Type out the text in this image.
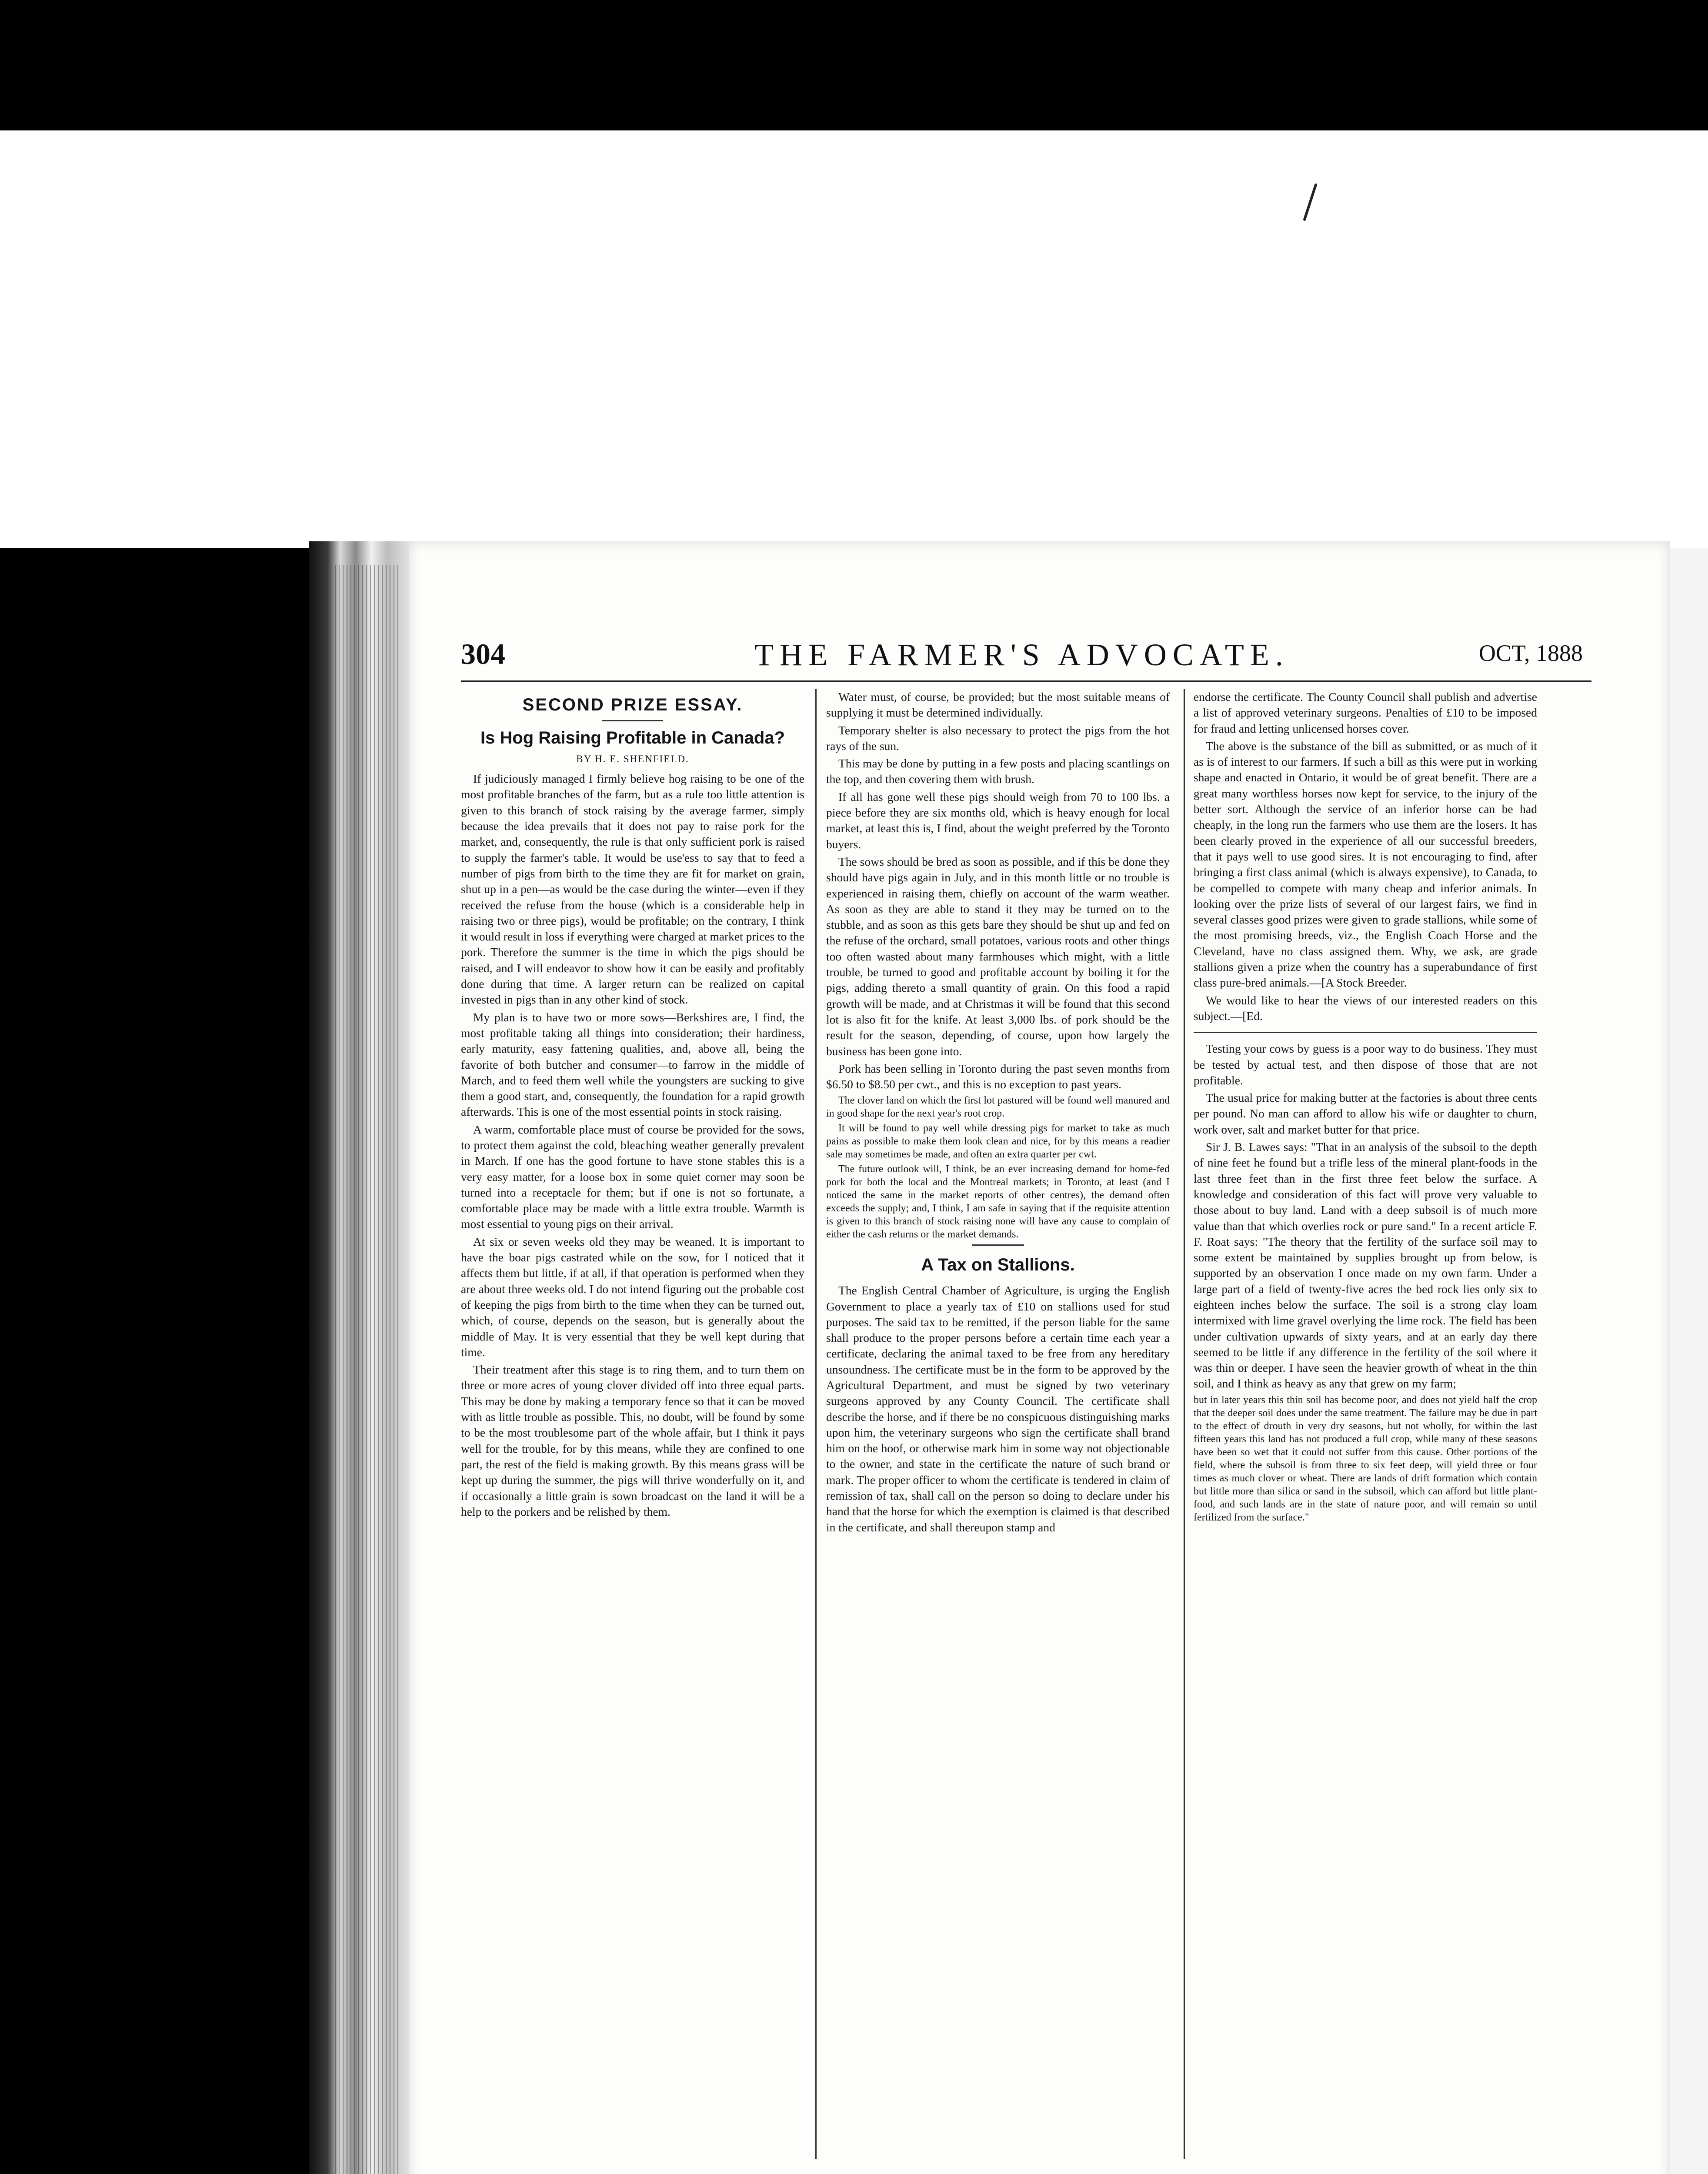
304	THE FARMER'S ADVOCATE.	OCT, 1888
SECOND PRIZE ESSAY.
Is Hog Raising Profitable in Canada?
BY H. E. SHENFIELD.

If judiciously managed I firmly believe hog raising to be one of the most profitable branches of the farm, but as a rule too little attention is given to this branch of stock raising by the average farmer, simply because the idea prevails that it does not pay to raise pork for the market, and, consequently, the rule is that only sufficient pork is raised to supply the farmer's table. It would be use'ess to say that to feed a number of pigs from birth to the time they are fit for market on grain, shut up in a pen—as would be the case during the winter—even if they received the refuse from the house (which is a considerable help in raising two or three pigs), would be profitable; on the contrary, I think it would result in loss if everything were charged at market prices to the pork. Therefore the summer is the time in which the pigs should be raised, and I will endeavor to show how it can be easily and profitably done during that time. A larger return can be realized on capital invested in pigs than in any other kind of stock.

My plan is to have two or more sows—Berkshires are, I find, the most profitable taking all things into consideration; their hardiness, early maturity, easy fattening qualities, and, above all, being the favorite of both butcher and consumer—to farrow in the middle of March, and to feed them well while the youngsters are sucking to give them a good start, and, consequently, the foundation for a rapid growth afterwards. This is one of the most essential points in stock raising.

A warm, comfortable place must of course be provided for the sows, to protect them against the cold, bleaching weather generally prevalent in March. If one has the good fortune to have stone stables this is a very easy matter, for a loose box in some quiet corner may soon be turned into a receptacle for them; but if one is not so fortunate, a comfortable place may be made with a little extra trouble. Warmth is most essential to young pigs on their arrival.

At six or seven weeks old they may be weaned. It is important to have the boar pigs castrated while on the sow, for I noticed that it affects them but little, if at all, if that operation is performed when they are about three weeks old. I do not intend figuring out the probable cost of keeping the pigs from birth to the time when they can be turned out, which, of course, depends on the season, but is generally about the middle of May. It is very essential that they be well kept during that time.

Their treatment after this stage is to ring them, and to turn them on three or more acres of young clover divided off into three equal parts. This may be done by making a temporary fence so that it can be moved with as little trouble as possible. This, no doubt, will be found by some to be the most troublesome part of the whole affair, but I think it pays well for the trouble, for by this means, while they are confined to one part, the rest of the field is making growth. By this means grass will be kept up during the summer, the pigs will thrive wonderfully on it, and if occasionally a little grain is sown broadcast on the land it will be a help to the porkers and be relished by them.

Water must, of course, be provided; but the most suitable means of supplying it must be determined individually.

Temporary shelter is also necessary to protect the pigs from the hot rays of the sun.

This may be done by putting in a few posts and placing scantlings on the top, and then covering them with brush.

If all has gone well these pigs should weigh from 70 to 100 lbs. a piece before they are six months old, which is heavy enough for local market, at least this is, I find, about the weight preferred by the Toronto buyers.

The sows should be bred as soon as possible, and if this be done they should have pigs again in July, and in this month little or no trouble is experienced in raising them, chiefly on account of the warm weather. As soon as they are able to stand it they may be turned on to the stubble, and as soon as this gets bare they should be shut up and fed on the refuse of the orchard, small potatoes, various roots and other things too often wasted about many farmhouses which might, with a little trouble, be turned to good and profitable account by boiling it for the pigs, adding thereto a small quantity of grain. On this food a rapid growth will be made, and at Christmas it will be found that this second lot is also fit for the knife. At least 3,000 lbs. of pork should be the result for the season, depending, of course, upon how largely the business has been gone into.

Pork has been selling in Toronto during the past seven months from $6.50 to $8.50 per cwt., and this is no exception to past years.

The clover land on which the first lot pastured will be found well manured and in good shape for the next year's root crop.

It will be found to pay well while dressing pigs for market to take as much pains as possible to make them look clean and nice, for by this means a readier sale may sometimes be made, and often an extra quarter per cwt.

The future outlook will, I think, be an ever increasing demand for home-fed pork for both the local and the Montreal markets; in Toronto, at least (and I noticed the same in the market reports of other centres), the demand often exceeds the supply; and, I think, I am safe in saying that if the requisite attention is given to this branch of stock raising none will have any cause to complain of either the cash returns or the market demands.

A Tax on Stallions.

The English Central Chamber of Agriculture, is urging the English Government to place a yearly tax of £10 on stallions used for stud purposes. The said tax to be remitted, if the person liable for the same shall produce to the proper persons before a certain time each year a certificate, declaring the animal taxed to be free from any hereditary unsoundness. The certificate must be in the form to be approved by the Agricultural Department, and must be signed by two veterinary surgeons approved by any County Council. The certificate shall describe the horse, and if there be no conspicuous distinguishing marks upon him, the veterinary surgeons who sign the certificate shall brand him on the hoof, or otherwise mark him in some way not objectionable to the owner, and state in the certificate the nature of such brand or mark. The proper officer to whom the certificate is tendered in claim of remission of tax, shall call on the person so doing to declare under his hand that the horse for which the exemption is claimed is that described in the certificate, and shall thereupon stamp and

endorse the certificate. The County Council shall publish and advertise a list of approved veterinary surgeons. Penalties of £10 to be imposed for fraud and letting unlicensed horses cover.

The above is the substance of the bill as submitted, or as much of it as is of interest to our farmers. If such a bill as this were put in working shape and enacted in Ontario, it would be of great benefit. There are a great many worthless horses now kept for service, to the injury of the better sort. Although the service of an inferior horse can be had cheaply, in the long run the farmers who use them are the losers. It has been clearly proved in the experience of all our successful breeders, that it pays well to use good sires. It is not encouraging to find, after bringing a first class animal (which is always expensive), to Canada, to be compelled to compete with many cheap and inferior animals. In looking over the prize lists of several of our largest fairs, we find in several classes good prizes were given to grade stallions, while some of the most promising breeds, viz., the English Coach Horse and the Cleveland, have no class assigned them. Why, we ask, are grade stallions given a prize when the country has a superabundance of first class pure-bred animals.—[A Stock Breeder.

We would like to hear the views of our interested readers on this subject.—[Ed.

Testing your cows by guess is a poor way to do business. They must be tested by actual test, and then dispose of those that are not profitable.

The usual price for making butter at the factories is about three cents per pound. No man can afford to allow his wife or daughter to churn, work over, salt and market butter for that price.

Sir J. B. Lawes says: "That in an analysis of the subsoil to the depth of nine feet he found but a trifle less of the mineral plant-foods in the last three feet than in the first three feet below the surface. A knowledge and consideration of this fact will prove very valuable to those about to buy land. Land with a deep subsoil is of much more value than that which overlies rock or pure sand." In a recent article F. F. Roat says: "The theory that the fertility of the surface soil may to some extent be maintained by supplies brought up from below, is supported by an observation I once made on my own farm. Under a large part of a field of twenty-five acres the bed rock lies only six to eighteen inches below the surface. The soil is a strong clay loam intermixed with lime gravel overlying the lime rock. The field has been under cultivation upwards of sixty years, and at an early day there seemed to be little if any difference in the fertility of the soil where it was thin or deeper. I have seen the heavier growth of wheat in the thin soil, and I think as heavy as any that grew on my farm;

but in later years this thin soil has become poor, and does not yield half the crop that the deeper soil does under the same treatment. The failure may be due in part to the effect of drouth in very dry seasons, but not wholly, for within the last fifteen years this land has not produced a full crop, while many of these seasons have been so wet that it could not suffer from this cause. Other portions of the field, where the subsoil is from three to six feet deep, will yield three or four times as much clover or wheat. There are lands of drift formation which contain but little more than silica or sand in the subsoil, which can afford but little plant-food, and such lands are in the state of nature poor, and will remain so until fertilized from the surface."
